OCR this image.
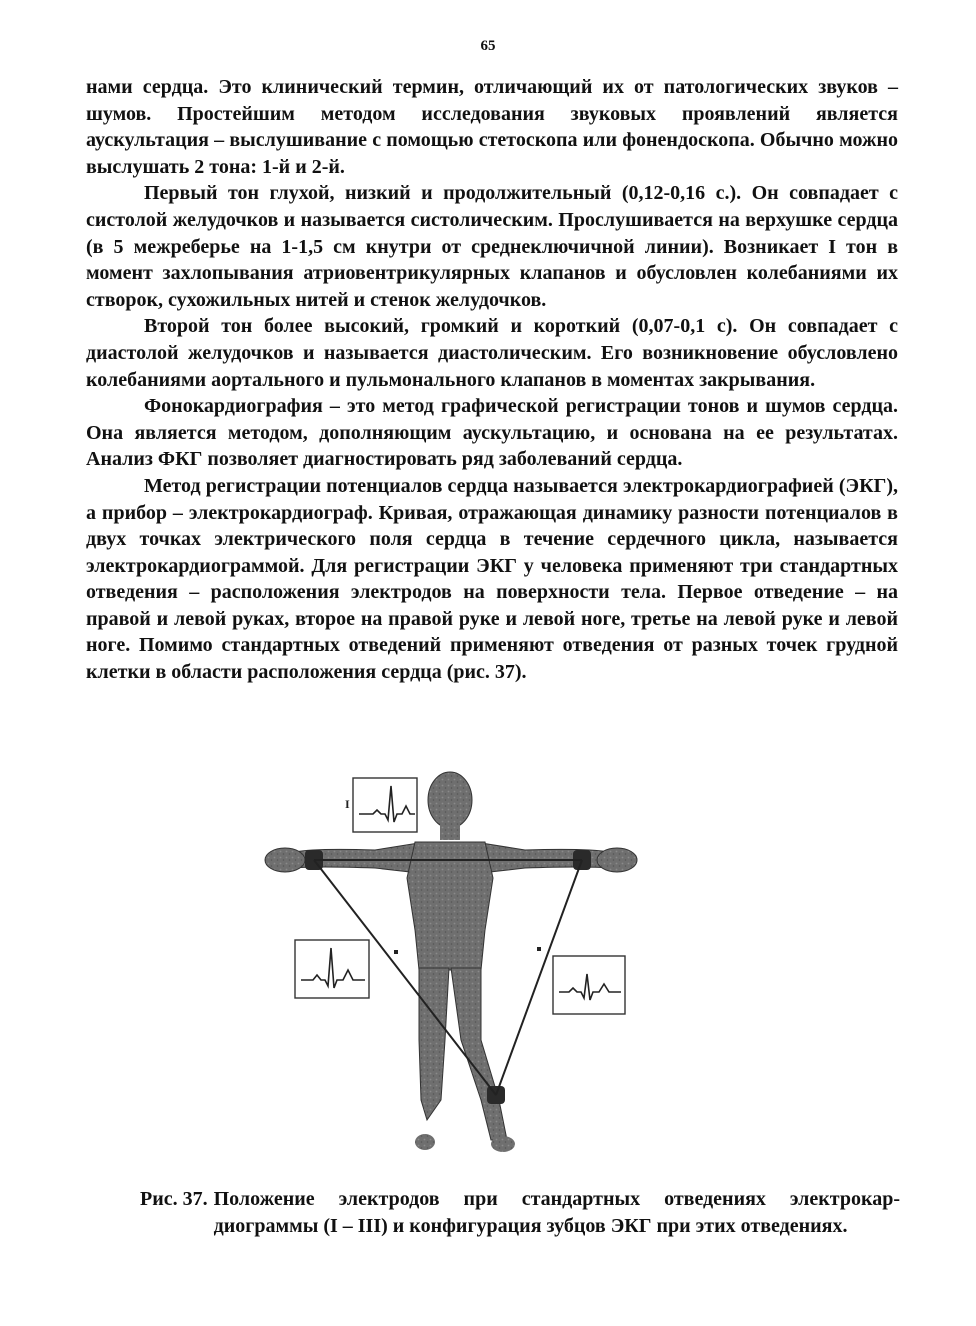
65

нами сердца. Это клинический термин, отличающий их от патологических звуков – шумов. Простейшим методом исследования звуковых проявлений является аускультация – выслушивание с помощью стетоскопа или фонендоскопа. Обычно можно выслушать 2 тона: 1-й и 2-й.

Первый тон глухой, низкий и продолжительный (0,12-0,16 с.). Он совпадает с систолой желудочков и называется систолическим. Прослушивается на верхушке сердца (в 5 межреберье на 1-1,5 см кнутри от среднеключичной линии). Возникает I тон в момент захлопывания атриовентрикулярных клапанов и обусловлен колебаниями их створок, сухожильных нитей и стенок желудочков.

Второй тон более высокий, громкий и короткий (0,07-0,1 с). Он совпадает с диастолой желудочков и называется диастолическим. Его возникновение обусловлено колебаниями аортального и пульмонального клапанов в моментах закрывания.

Фонокардиография – это метод графической регистрации тонов и шумов сердца. Она является методом, дополняющим аускультацию, и основана на ее результатах. Анализ ФКГ позволяет диагностировать ряд заболеваний сердца.

Метод регистрации потенциалов сердца называется электрокардиографией (ЭКГ), а прибор – электрокардиограф. Кривая, отражающая динамику разности потенциалов в двух точках электрического поля сердца в течение сердечного цикла, называется электрокардиограммой. Для регистрации ЭКГ у человека применяют три стандартных отведения – расположения электродов на поверхности тела. Первое отведение – на правой и левой руках, второе на правой руке и левой ноге, третье на левой руке и левой ноге. Помимо стандартных отведений применяют отведения от разных точек грудной клетки в области расположения сердца (рис. 37).

I
Рис. 37. Положение электродов при стандартных отведениях электрокардиограммы (I – III) и конфигурация зубцов ЭКГ при этих отведениях.
